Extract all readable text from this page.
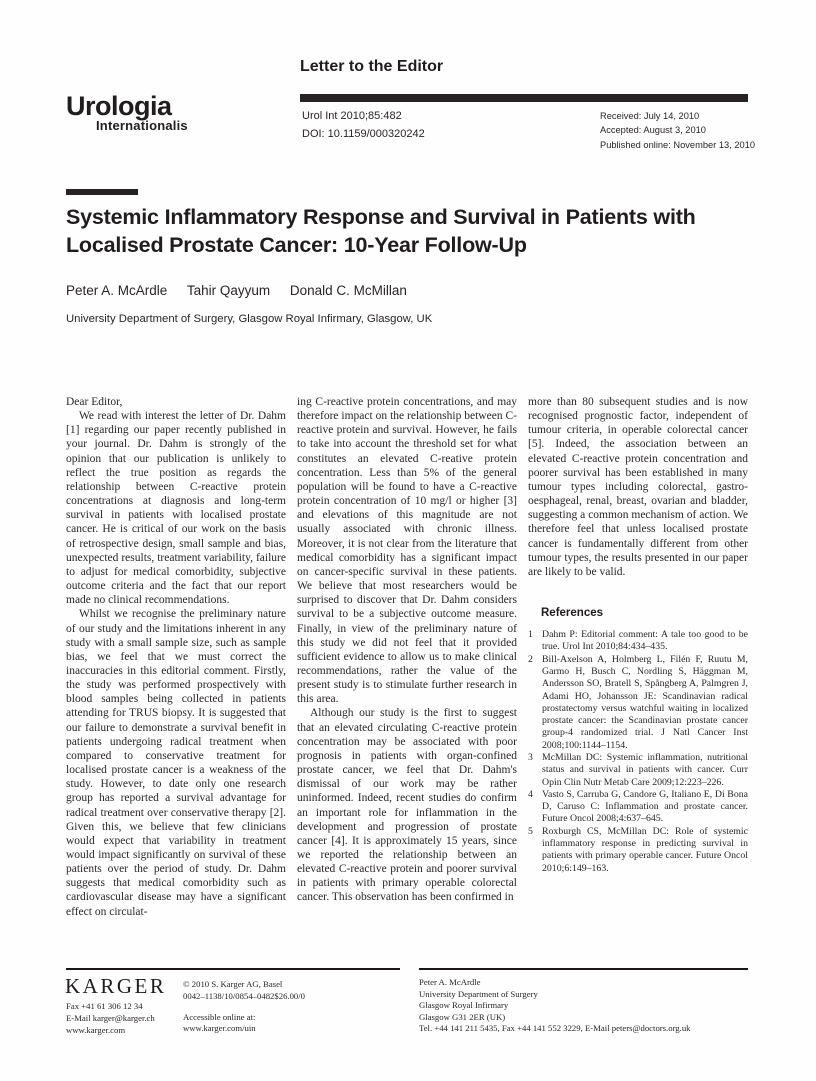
Urologia
Internationalis
Letter to the Editor
Urol Int 2010;85:482
DOI: 10.1159/000320242
Received: July 14, 2010
Accepted: August 3, 2010
Published online: November 13, 2010
Systemic Inflammatory Response and Survival in Patients with Localised Prostate Cancer: 10-Year Follow-Up
Peter A. McArdle Tahir Qayyum Donald C. McMillan
University Department of Surgery, Glasgow Royal Infirmary, Glasgow, UK

Dear Editor,

We read with interest the letter of Dr. Dahm [1] regarding our paper recently published in your journal. Dr. Dahm is strongly of the opinion that our publication is unlikely to reflect the true position as regards the relationship between C-reactive protein concentrations at diagnosis and long-term survival in patients with localised prostate cancer. He is critical of our work on the basis of retrospective design, small sample and bias, unexpected results, treatment variability, failure to adjust for medical comorbidity, subjective outcome criteria and the fact that our report made no clinical recommendations.

Whilst we recognise the preliminary nature of our study and the limitations inherent in any study with a small sample size, such as sample bias, we feel that we must correct the inaccuracies in this editorial comment. Firstly, the study was performed prospectively with blood samples being collected in patients attending for TRUS biopsy. It is suggested that our failure to demonstrate a survival benefit in patients undergoing radical treatment when compared to conservative treatment for localised prostate cancer is a weakness of the study. However, to date only one research group has reported a survival advantage for radical treatment over conservative therapy [2]. Given this, we believe that few clinicians would expect that variability in treatment would impact significantly on survival of these patients over the period of study. Dr. Dahm suggests that medical comorbidity such as cardiovascular disease may have a significant effect on circulat-

ing C-reactive protein concentrations, and may therefore impact on the relationship between C-reactive protein and survival. However, he fails to take into account the threshold set for what constitutes an elevated C-reative protein concentration. Less than 5% of the general population will be found to have a C-reactive protein concentration of 10 mg/l or higher [3] and elevations of this magnitude are not usually associated with chronic illness. Moreover, it is not clear from the literature that medical comorbidity has a significant impact on cancer-specific survival in these patients. We believe that most researchers would be surprised to discover that Dr. Dahm considers survival to be a subjective outcome measure. Finally, in view of the preliminary nature of this study we did not feel that it provided sufficient evidence to allow us to make clinical recommendations, rather the value of the present study is to stimulate further research in this area.

Although our study is the first to suggest that an elevated circulating C-reactive protein concentration may be associated with poor prognosis in patients with organ-confined prostate cancer, we feel that Dr. Dahm's dismissal of our work may be rather uninformed. Indeed, recent studies do confirm an important role for inflammation in the development and progression of prostate cancer [4]. It is approximately 15 years, since we reported the relationship between an elevated C-reactive protein and poorer survival in patients with primary operable colorectal cancer. This observation has been confirmed in

more than 80 subsequent studies and is now recognised prognostic factor, independent of tumour criteria, in operable colorectal cancer [5]. Indeed, the association between an elevated C-reactive protein concentration and poorer survival has been established in many tumour types including colorectal, gastro-oesphageal, renal, breast, ovarian and bladder, suggesting a common mechanism of action. We therefore feel that unless localised prostate cancer is fundamentally different from other tumour types, the results presented in our paper are likely to be valid.

References
1 Dahm P: Editorial comment: A tale too good to be true. Urol Int 2010;84:434–435.
2 Bill-Axelson A, Holmberg L, Filén F, Ruutu M, Garmo H, Busch C, Nordling S, Häggman M, Andersson SO, Bratell S, Spångberg A, Palmgren J, Adami HO, Johansson JE: Scandinavian radical prostatectomy versus watchful waiting in localized prostate cancer: the Scandinavian prostate cancer group-4 randomized trial. J Natl Cancer Inst 2008;100:1144–1154.
3 McMillan DC: Systemic inflammation, nutritional status and survival in patients with cancer. Curr Opin Clin Nutr Metab Care 2009;12:223–226.
4 Vasto S, Carruba G, Candore G, Italiano E, Di Bona D, Caruso C: Inflammation and prostate cancer. Future Oncol 2008;4:637–645.
5 Roxburgh CS, McMillan DC: Role of systemic inflammatory response in predicting survival in patients with primary operable cancer. Future Oncol 2010;6:149–163.
KARGER
Fax +41 61 306 12 34
E-Mail karger@karger.ch
www.karger.com
© 2010 S. Karger AG, Basel
0042–1138/10/0854–0482$26.00/0
Accessible online at:
www.karger.com/uin
Peter A. McArdle
University Department of Surgery
Glasgow Royal Infirmary
Glasgow G31 2ER (UK)
Tel. +44 141 211 5435, Fax +44 141 552 3229, E-Mail peters@doctors.org.uk
